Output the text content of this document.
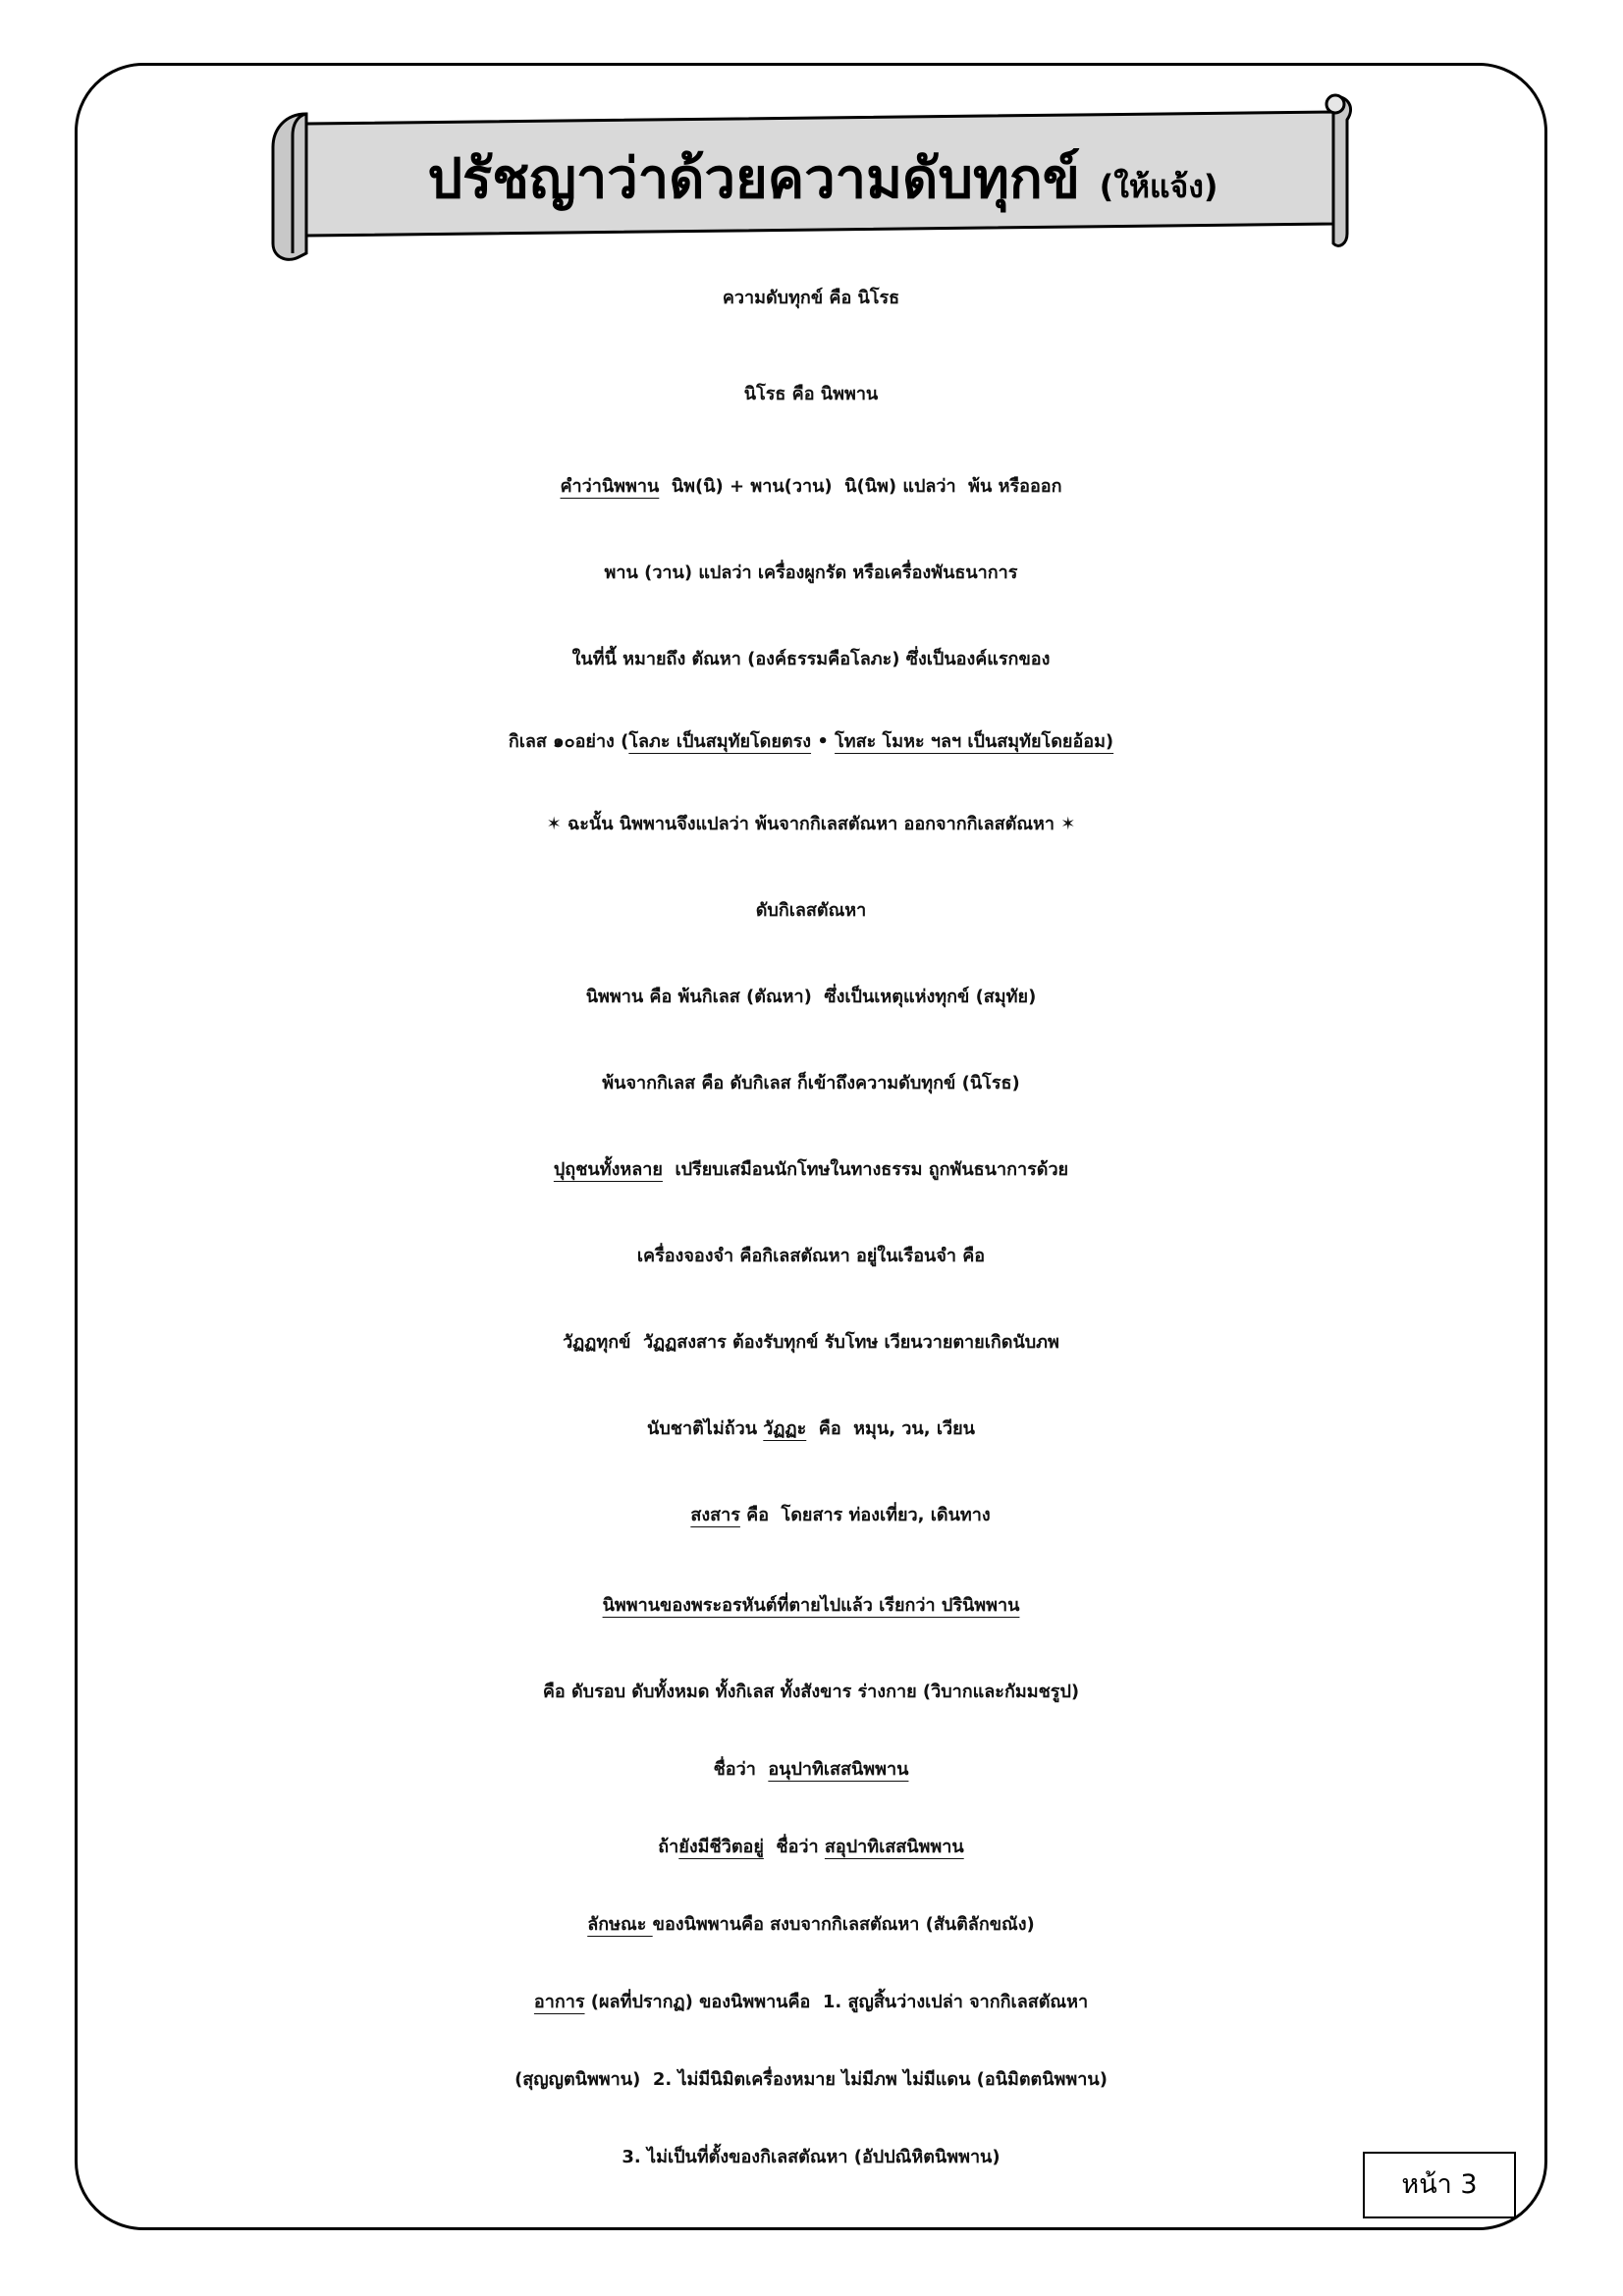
ปรัชญาว่าด้วยความดับทุกข์ (ให้แจ้ง)
ความดับทุกข์ คือ นิโรธ
นิโรธ คือ นิพพาน
คำว่านิพพาน  นิพ(นิ) + พาน(วาน)  นิ(นิพ) แปลว่า  พ้น หรือออก
พาน (วาน) แปลว่า เครื่องผูกรัด หรือเครื่องพันธนาการ
ในที่นี้ หมายถึง ตัณหา (องค์ธรรมคือโลภะ) ซึ่งเป็นองค์แรกของ
กิเลส ๑๐อย่าง (โลภะ เป็นสมุทัยโดยตรง • โทสะ โมหะ ฯลฯ เป็นสมุทัยโดยอ้อม)
✶ ฉะนั้น นิพพานจึงแปลว่า พ้นจากกิเลสตัณหา ออกจากกิเลสตัณหา ✶
ดับกิเลสตัณหา
นิพพาน คือ พ้นกิเลส (ตัณหา)  ซึ่งเป็นเหตุแห่งทุกข์ (สมุทัย)
พ้นจากกิเลส คือ ดับกิเลส ก็เข้าถึงความดับทุกข์ (นิโรธ)
ปุถุชนทั้งหลาย  เปรียบเสมือนนักโทษในทางธรรม ถูกพันธนาการด้วย
เครื่องจองจำ คือกิเลสตัณหา อยู่ในเรือนจำ คือ
วัฏฏทุกข์  วัฏฏสงสาร ต้องรับทุกข์ รับโทษ เวียนวายตายเกิดนับภพ
นับชาติไม่ถ้วน วัฏฏะ  คือ  หมุน, วน, เวียน
สงสาร คือ  โดยสาร ท่องเที่ยว, เดินทาง
นิพพานของพระอรหันต์ที่ตายไปแล้ว เรียกว่า ปรินิพพาน
คือ ดับรอบ ดับทั้งหมด ทั้งกิเลส ทั้งสังขาร ร่างกาย (วิบากและกัมมชรูป)
ชื่อว่า  อนุปาทิเสสนิพพาน
ถ้ายังมีชีวิตอยู่  ชื่อว่า สอุปาทิเสสนิพพาน
ลักษณะ ของนิพพานคือ สงบจากกิเลสตัณหา (สันติลักขณัง)
อาการ (ผลที่ปรากฏ) ของนิพพานคือ  1. สูญสิ้นว่างเปล่า จากกิเลสตัณหา
(สุญญตนิพพาน)  2. ไม่มีนิมิตเครื่องหมาย ไม่มีภพ ไม่มีแดน (อนิมิตตนิพพาน)
3. ไม่เป็นที่ตั้งของกิเลสตัณหา (อัปปณิหิตนิพพาน)
หน้า 3
